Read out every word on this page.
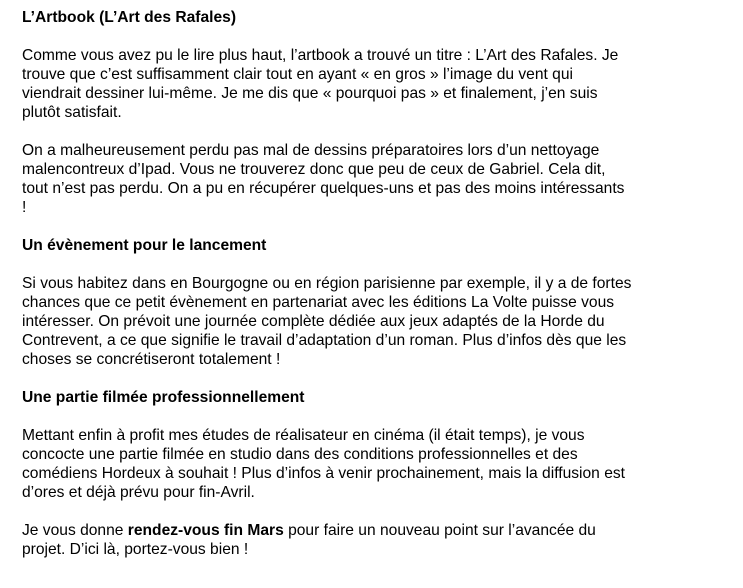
L’Artbook (L’Art des Rafales)
Comme vous avez pu le lire plus haut, l’artbook a trouvé un titre : L’Art des Rafales. Je
trouve que c’est suffisamment clair tout en ayant « en gros » l’image du vent qui
viendrait dessiner lui-même. Je me dis que « pourquoi pas » et finalement, j’en suis
plutôt satisfait.
On a malheureusement perdu pas mal de dessins préparatoires lors d’un nettoyage
malencontreux d’Ipad. Vous ne trouverez donc que peu de ceux de Gabriel. Cela dit,
tout n’est pas perdu. On a pu en récupérer quelques-uns et pas des moins intéressants
!
Un évènement pour le lancement
Si vous habitez dans en Bourgogne ou en région parisienne par exemple, il y a de fortes
chances que ce petit évènement en partenariat avec les éditions La Volte puisse vous
intéresser. On prévoit une journée complète dédiée aux jeux adaptés de la Horde du
Contrevent, a ce que signifie le travail d’adaptation d’un roman. Plus d’infos dès que les
choses se concrétiseront totalement !
Une partie filmée professionnellement
Mettant enfin à profit mes études de réalisateur en cinéma (il était temps), je vous
concocte une partie filmée en studio dans des conditions professionnelles et des
comédiens Hordeux à souhait ! Plus d’infos à venir prochainement, mais la diffusion est
d’ores et déjà prévu pour fin-Avril.
Je vous donne rendez-vous fin Mars pour faire un nouveau point sur l’avancée du
projet. D’ici là, portez-vous bien !
